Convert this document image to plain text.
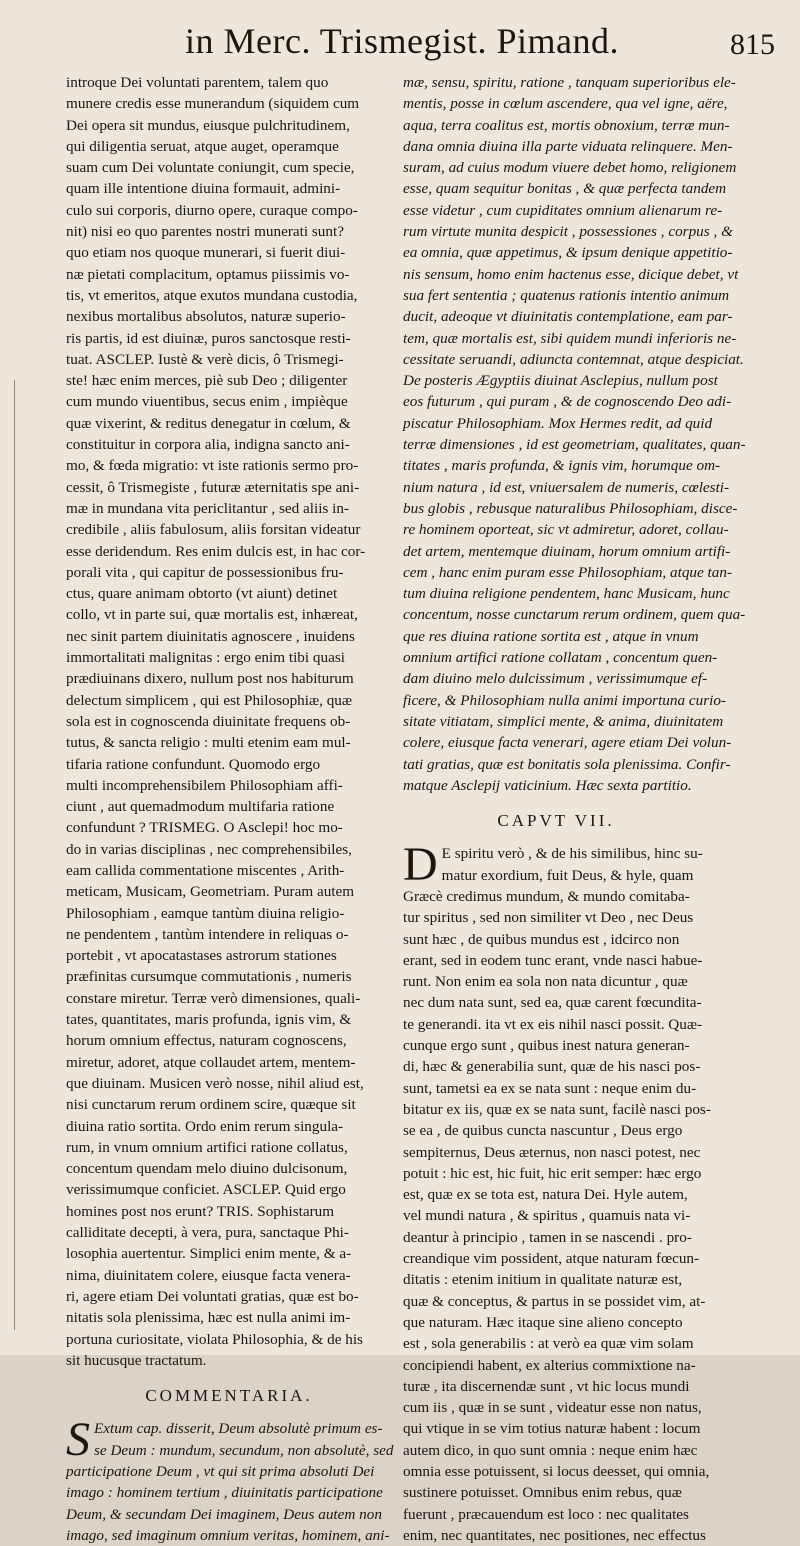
in Merc. Trismegist. Pimand.	815
introque Dei voluntati parentem, talem quo
munere credis esse munerandum (siquidem cum
Dei opera sit mundus, eiusque pulchritudinem,
qui diligentia seruat, atque auget, operamque
suam cum Dei voluntate coniungit, cum specie,
quam ille intentione diuina formauit, admini-
culo sui corporis, diurno opere, curaque compo-
nit) nisi eo quo parentes nostri munerati sunt?
quo etiam nos quoque munerari, si fuerit diui-
næ pietati complacitum, optamus piissimis vo-
tis, vt emeritos, atque exutos mundana custodia,
nexibus mortalibus absolutos, naturæ superio-
ris partis, id est diuinæ, puros sanctosque resti-
tuat. ASCLEP. Iustè & verè dicis, ô Trismegi-
ste! hæc enim merces, piè sub Deo ; diligenter
cum mundo viuentibus, secus enim , impièque
quæ vixerint, & reditus denegatur in cœlum, &
constituitur in corpora alia, indigna sancto ani-
mo, & fœda migratio: vt iste rationis sermo pro-
cessit, ô Trismegiste , futuræ æternitatis spe ani-
mæ in mundana vita periclitantur , sed aliis in-
credibile , aliis fabulosum, aliis forsitan videatur
esse deridendum. Res enim dulcis est, in hac cor-
porali vita , qui capitur de possessionibus fru-
ctus, quare animam obtorto (vt aiunt) detinet
collo, vt in parte sui, quæ mortalis est, inhæreat,
nec sinit partem diuinitatis agnoscere , inuidens
immortalitati malignitas : ergo enim tibi quasi
prædiuinans dixero, nullum post nos habiturum
delectum simplicem , qui est Philosophiæ, quæ
sola est in cognoscenda diuinitate frequens ob-
tutus, & sancta religio : multi etenim eam mul-
tifaria ratione confundunt. Quomodo ergo
multi incomprehensibilem Philosophiam affi-
ciunt , aut quemadmodum multifaria ratione
confundunt ? TRISMEG. O Asclepi! hoc mo-
do in varias disciplinas , nec comprehensibiles,
eam callida commentatione miscentes , Arith-
meticam, Musicam, Geometriam. Puram autem
Philosophiam , eamque tantùm diuina religio-
ne pendentem , tantùm intendere in reliquas o-
portebit , vt apocatastases astrorum stationes
præfinitas cursumque commutationis , numeris
constare miretur. Terræ verò dimensiones, quali-
tates, quantitates, maris profunda, ignis vim, &
horum omnium effectus, naturam cognoscens,
miretur, adoret, atque collaudet artem, mentem-
que diuinam. Musicen verò nosse, nihil aliud est,
nisi cunctarum rerum ordinem scire, quæque sit
diuina ratio sortita. Ordo enim rerum singula-
rum, in vnum omnium artifici ratione collatus,
concentum quendam melo diuino dulcisonum,
verissimumque conficiet. ASCLEP. Quid ergo
homines post nos erunt? TRIS. Sophistarum
calliditate decepti, à vera, pura, sanctaque Phi-
losophia auertentur. Simplici enim mente, & a-
nima, diuinitatem colere, eiusque facta venera-
ri, agere etiam Dei voluntati gratias, quæ est bo-
nitatis sola plenissima, hæc est nulla animi im-
portuna curiositate, violata Philosophia, & de his
sit hucusque tractatum.
COMMENTARIA.
S Extum cap. disserit, Deum absolutè primum es-
se Deum : mundum, secundum, non absolutè, sed
participatione Deum , vt qui sit prima absoluti Dei
imago : hominem tertium , diuinitatis participatione
Deum, & secundam Dei imaginem, Deus autem non
imago, sed imaginum omnium veritas, hominem, ani-
mæ, sensu, spiritu, ratione , tanquam superioribus ele-
mentis, posse in cœlum ascendere, qua vel igne, aëre,
aqua, terra coalitus est, mortis obnoxium, terræ mun-
dana omnia diuina illa parte viduata relinquere. Men-
suram, ad cuius modum viuere debet homo, religionem
esse, quam sequitur bonitas , & quæ perfecta tandem
esse videtur , cum cupiditates omnium alienarum re-
rum virtute munita despicit , possessiones , corpus , &
ea omnia, quæ appetimus, & ipsum denique appetitio-
nis sensum, homo enim hactenus esse, dicique debet, vt
sua fert sententia ; quatenus rationis intentio animum
ducit, adeoque vt diuinitatis contemplatione, eam par-
tem, quæ mortalis est, sibi quidem mundi inferioris ne-
cessitate seruandi, adiuncta contemnat, atque despiciat.
De posteris Ægyptiis diuinat Asclepius, nullum post
eos futurum , qui puram , & de cognoscendo Deo adi-
piscatur Philosophiam. Mox Hermes redit, ad quid
terræ dimensiones , id est geometriam, qualitates, quan-
titates , maris profunda, & ignis vim, horumque om-
nium natura , id est, vniuersalem de numeris, cœlesti-
bus globis , rebusque naturalibus Philosophiam, disce-
re hominem oporteat, sic vt admiretur, adoret, collau-
det artem, mentemque diuinam, horum omnium artifi-
cem , hanc enim puram esse Philosophiam, atque tan-
tum diuina religione pendentem, hanc Musicam, hunc
concentum, nosse cunctarum rerum ordinem, quem qua-
que res diuina ratione sortita est , atque in vnum
omnium artifici ratione collatam , concentum quen-
dam diuino melo dulcissimum , verissimumque ef-
ficere, & Philosophiam nulla animi importuna curio-
sitate vitiatam, simplici mente, & anima, diuinitatem
colere, eiusque facta venerari, agere etiam Dei volun-
tati gratias, quæ est bonitatis sola plenissima. Confir-
matque Asclepij vaticinium. Hæc sexta partitio.
CAPVT VII.
D E spiritu verò , & de his similibus, hinc su-
matur exordium, fuit Deus, & hyle, quam
Græcè credimus mundum, & mundo comitaba-
tur spiritus , sed non similiter vt Deo , nec Deus
sunt hæc , de quibus mundus est , idcirco non
erant, sed in eodem tunc erant, vnde nasci habue-
runt. Non enim ea sola non nata dicuntur , quæ
nec dum nata sunt, sed ea, quæ carent fœcundita-
te generandi. ita vt ex eis nihil nasci possit. Quæ-
cunque ergo sunt , quibus inest natura generan-
di, hæc & generabilia sunt, quæ de his nasci pos-
sunt, tametsi ea ex se nata sunt : neque enim du-
bitatur ex iis, quæ ex se nata sunt, facilè nasci pos-
se ea , de quibus cuncta nascuntur , Deus ergo
sempiternus, Deus æternus, non nasci potest, nec
potuit : hic est, hic fuit, hic erit semper: hæc ergo
est, quæ ex se tota est, natura Dei. Hyle autem,
vel mundi natura , & spiritus , quamuis nata vi-
deantur à principio , tamen in se nascendi . pro-
creandique vim possident, atque naturam fœcun-
ditatis : etenim initium in qualitate naturæ est,
quæ & conceptus, & partus in se possidet vim, at-
que naturam. Hæc itaque sine alieno concepto
est , sola generabilis : at verò ea quæ vim solam
concipiendi habent, ex alterius commixtione na-
turæ , ita discernendæ sunt , vt hic locus mundi
cum iis , quæ in se sunt , videatur esse non natus,
qui vtique in se vim totius naturæ habent : locum
autem dico, in quo sunt omnia : neque enim hæc
omnia esse potuissent, si locus deesset, qui omnia,
sustinere potuisset. Omnibus enim rebus, quæ
fuerunt , præcauendum est loco : nec qualitates
enim, nec quantitates, nec positiones, nec effectus
